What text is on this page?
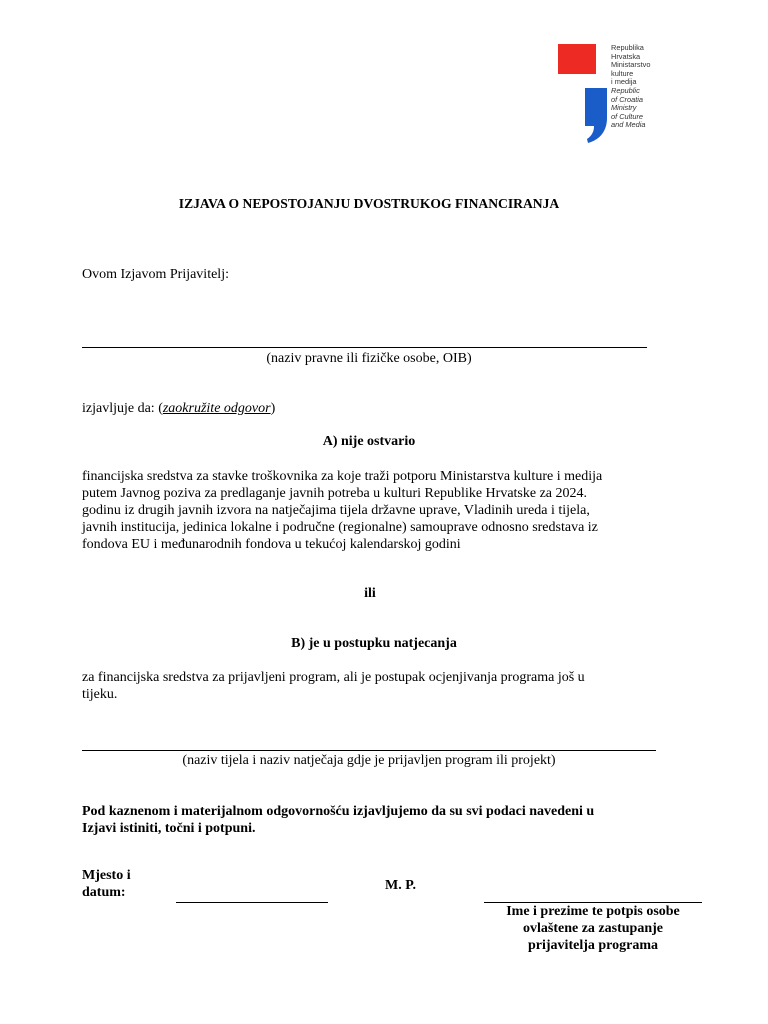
Republika
Hrvatska
Ministarstvo
kulture
i medija
Republic
of Croatia
Ministry
of Culture
and Media
IZJAVA O NEPOSTOJANJU DVOSTRUKOG FINANCIRANJA
Ovom Izjavom Prijavitelj:
(naziv pravne ili fizičke osobe, OIB)
izjavljuje da: (zaokružite odgovor)
A) nije ostvario
financijska sredstva za stavke troškovnika za koje traži potporu Ministarstva kulture i medija
putem Javnog poziva za predlaganje javnih potreba u kulturi Republike Hrvatske za 2024.
godinu iz drugih javnih izvora na natječajima tijela državne uprave, Vladinih ureda i tijela,
javnih institucija, jedinica lokalne i područne (regionalne) samouprave odnosno sredstava iz
fondova EU i međunarodnih fondova u tekućoj kalendarskoj godini
ili
B) je u postupku natjecanja
za financijska sredstva za prijavljeni program, ali je postupak ocjenjivanja programa još u
tijeku.
(naziv tijela i naziv natječaja gdje je prijavljen program ili projekt)
Pod kaznenom i materijalnom odgovornošću izjavljujemo da su svi podaci navedeni u
Izjavi istiniti, točni i potpuni.
Mjesto i
datum:	M. P.
Ime i prezime te potpis osobe
ovlaštene za zastupanje
prijavitelja programa
